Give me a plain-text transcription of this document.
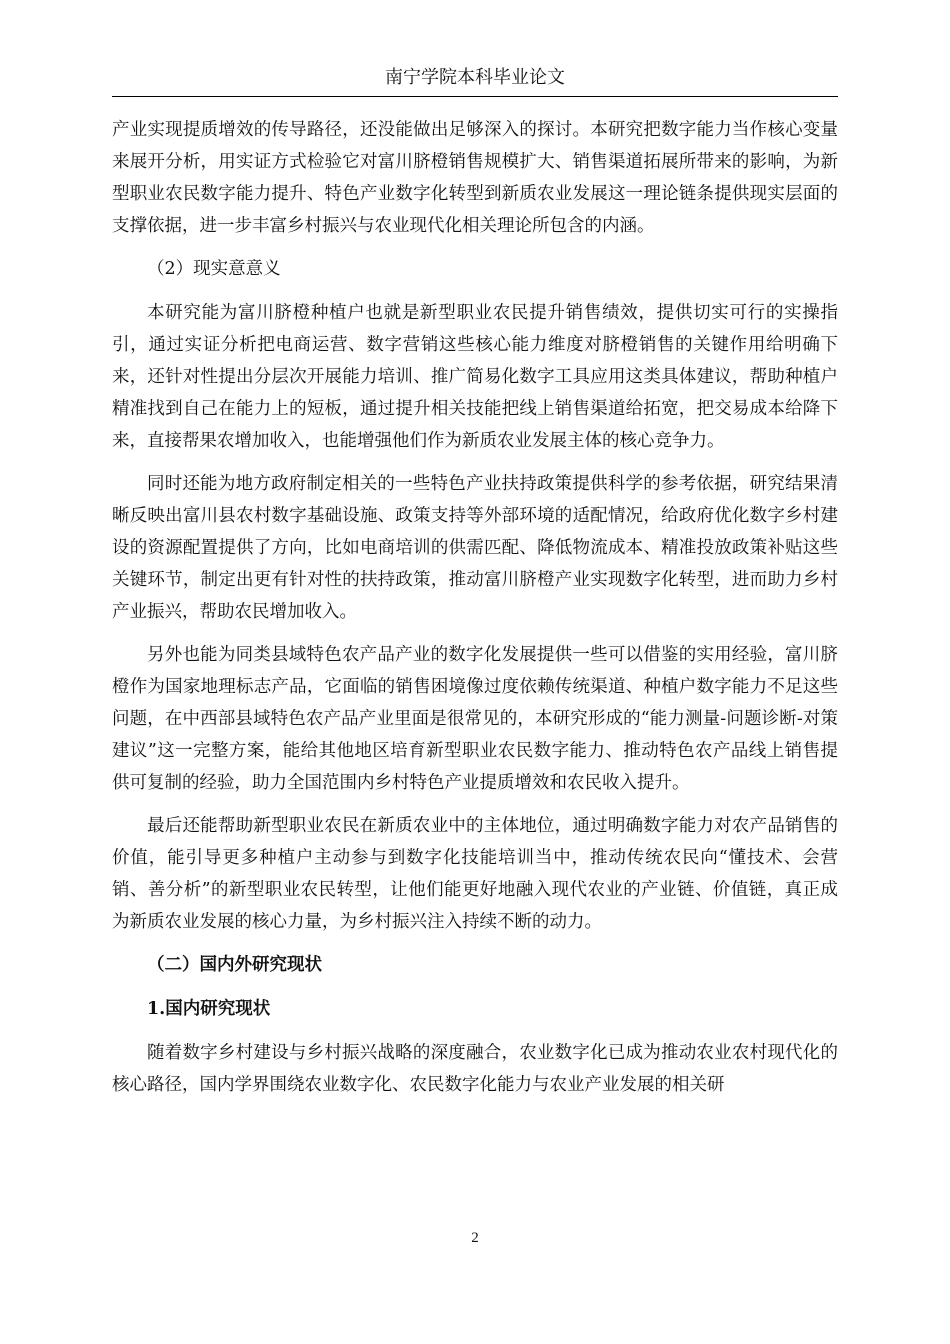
南宁学院本科毕业论文

产业实现提质增效的传导路径，还没能做出足够深入的探讨。本研究把数字能力当作核心变量来展开分析，用实证方式检验它对富川脐橙销售规模扩大、销售渠道拓展所带来的影响，为新型职业农民数字能力提升、特色产业数字化转型到新质农业发展这一理论链条提供现实层面的支撑依据，进一步丰富乡村振兴与农业现代化相关理论所包含的内涵。

（2）现实意意义

本研究能为富川脐橙种植户也就是新型职业农民提升销售绩效，提供切实可行的实操指引，通过实证分析把电商运营、数字营销这些核心能力维度对脐橙销售的关键作用给明确下来，还针对性提出分层次开展能力培训、推广简易化数字工具应用这类具体建议，帮助种植户精准找到自己在能力上的短板，通过提升相关技能把线上销售渠道给拓宽，把交易成本给降下来，直接帮果农增加收入，也能增强他们作为新质农业发展主体的核心竞争力。

同时还能为地方政府制定相关的一些特色产业扶持政策提供科学的参考依据，研究结果清晰反映出富川县农村数字基础设施、政策支持等外部环境的适配情况，给政府优化数字乡村建设的资源配置提供了方向，比如电商培训的供需匹配、降低物流成本、精准投放政策补贴这些关键环节，制定出更有针对性的扶持政策，推动富川脐橙产业实现数字化转型，进而助力乡村产业振兴，帮助农民增加收入。

另外也能为同类县域特色农产品产业的数字化发展提供一些可以借鉴的实用经验，富川脐橙作为国家地理标志产品，它面临的销售困境像过度依赖传统渠道、种植户数字能力不足这些问题，在中西部县域特色农产品产业里面是很常见的，本研究形成的“能力测量-问题诊断-对策建议”这一完整方案，能给其他地区培育新型职业农民数字能力、推动特色农产品线上销售提供可复制的经验，助力全国范围内乡村特色产业提质增效和农民收入提升。

最后还能帮助新型职业农民在新质农业中的主体地位，通过明确数字能力对农产品销售的价值，能引导更多种植户主动参与到数字化技能培训当中，推动传统农民向“懂技术、会营销、善分析”的新型职业农民转型，让他们能更好地融入现代农业的产业链、价值链，真正成为新质农业发展的核心力量，为乡村振兴注入持续不断的动力。

（二）国内外研究现状

1.国内研究现状

随着数字乡村建设与乡村振兴战略的深度融合，农业数字化已成为推动农业农村现代化的核心路径，国内学界围绕农业数字化、农民数字化能力与农业产业发展的相关研

2
